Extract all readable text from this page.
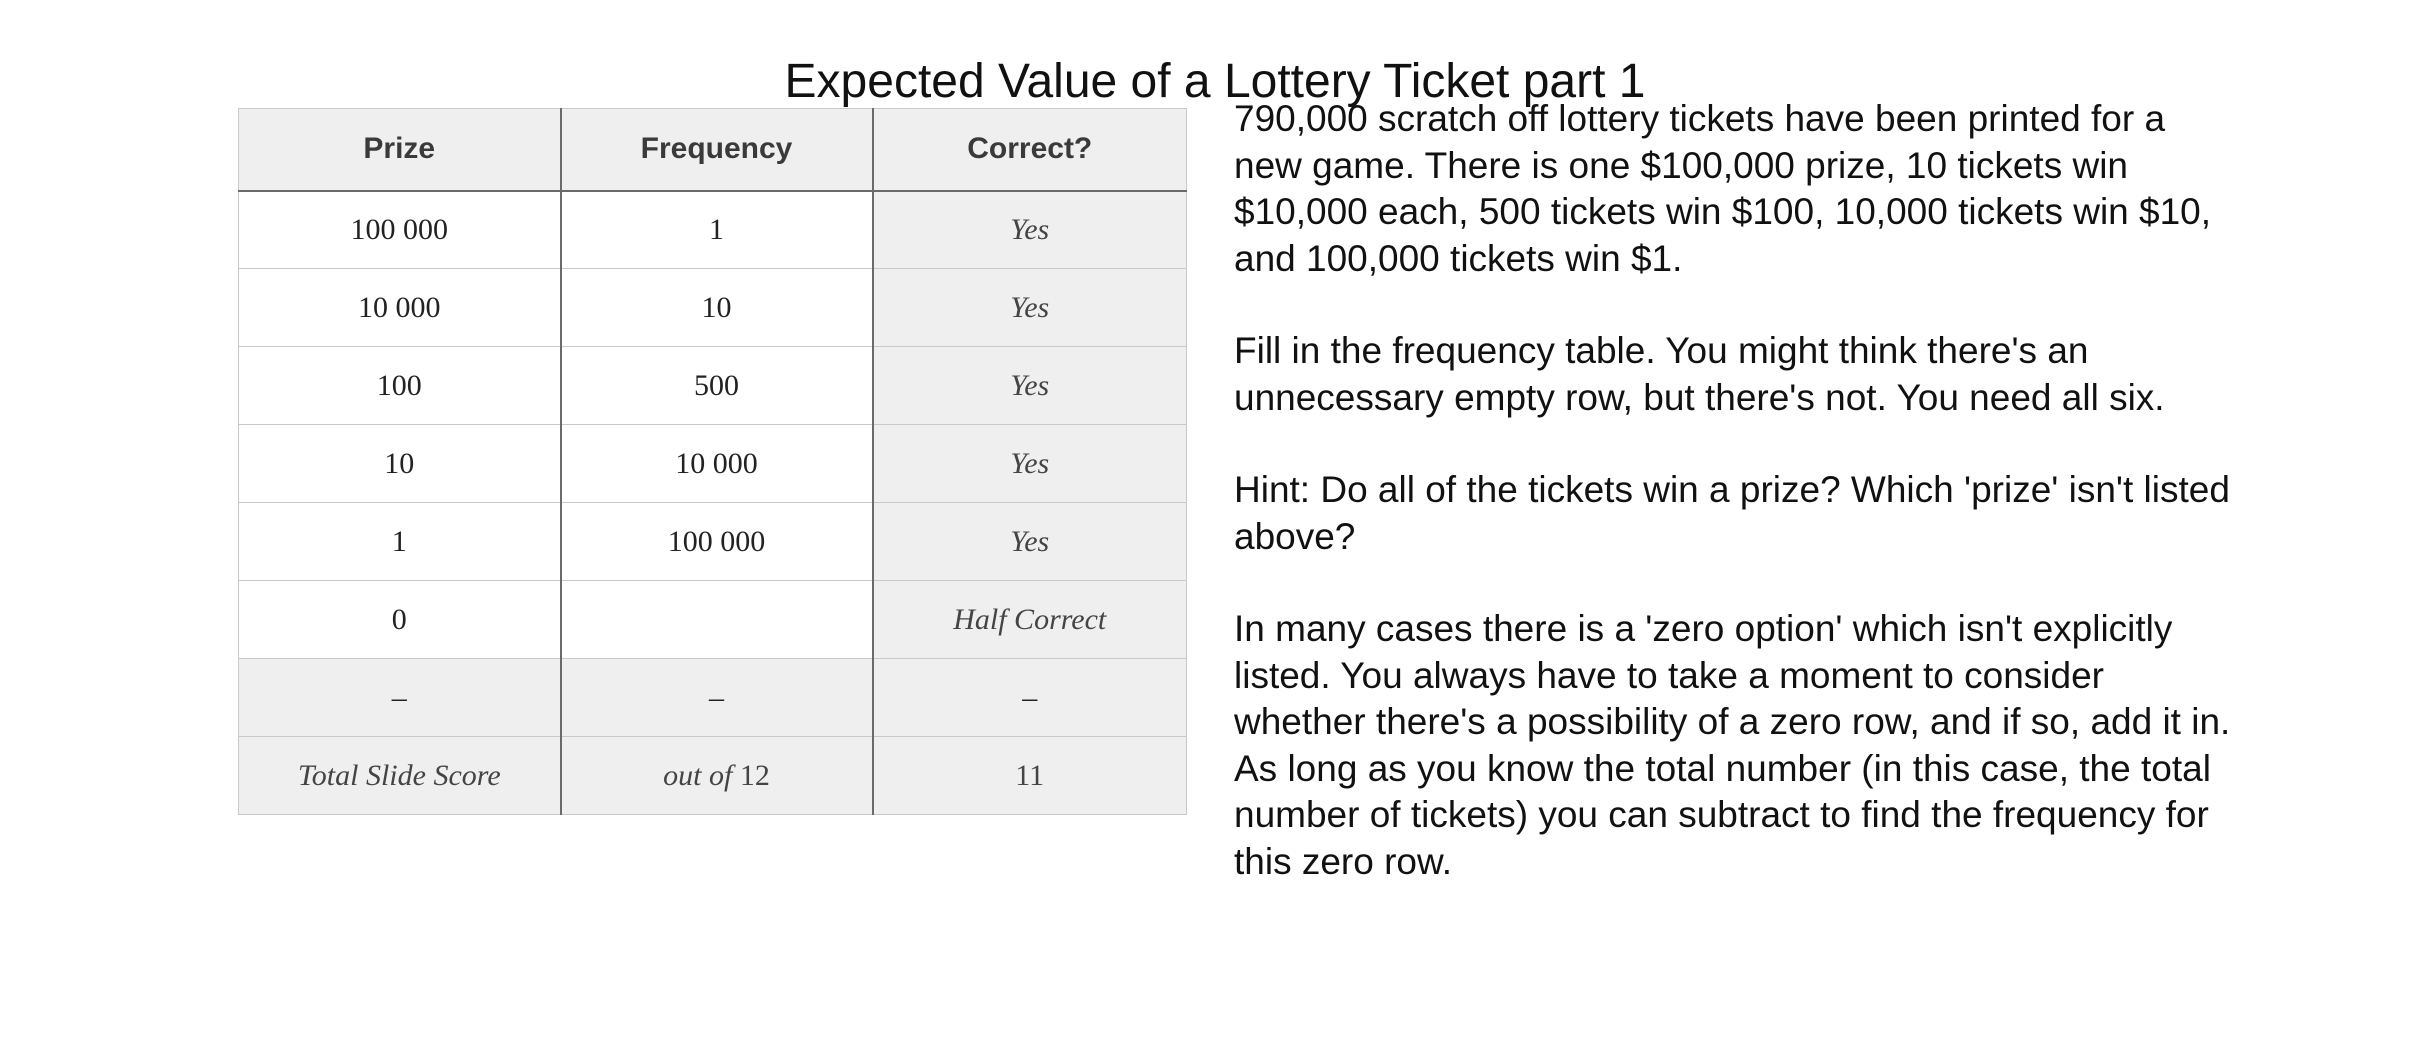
Expected Value of a Lottery Ticket part 1
Prize	Frequency	Correct?
100 000	1	Yes
10 000	10	Yes
100	500	Yes
10	10 000	Yes
1	100 000	Yes
0		Half Correct
–	–	–
Total Slide Score	out of 12	11

790,000 scratch off lottery tickets have been printed for a new game. There is one $100,000 prize, 10 tickets win $10,000 each, 500 tickets win $100, 10,000 tickets win $10, and 100,000 tickets win $1.

Fill in the frequency table. You might think there's an unnecessary empty row, but there's not. You need all six.

Hint: Do all of the tickets win a prize? Which 'prize' isn't listed above?

In many cases there is a 'zero option' which isn't explicitly listed. You always have to take a moment to consider whether there's a possibility of a zero row, and if so, add it in. As long as you know the total number (in this case, the total number of tickets) you can subtract to find the frequency for this zero row.
